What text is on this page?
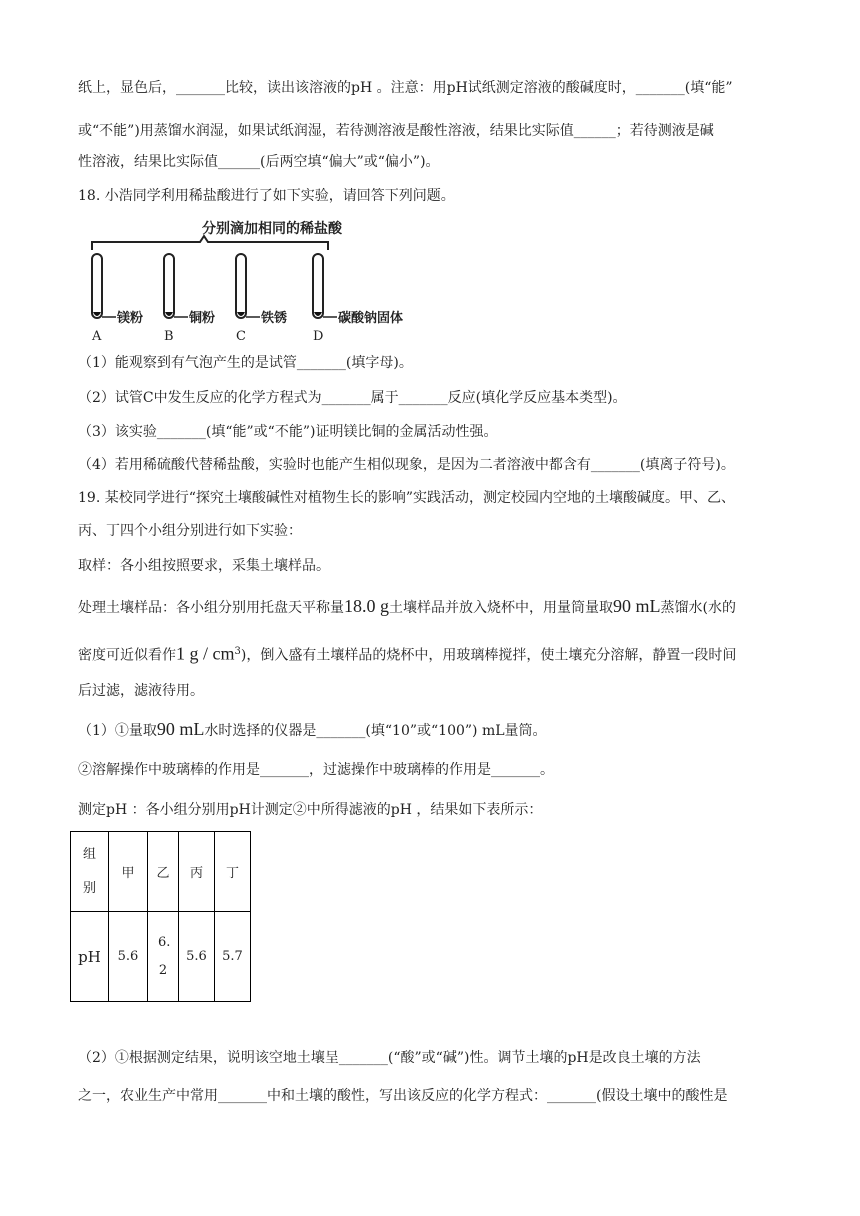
纸上，显色后，_______比较，读出该溶液的pH 。注意：用pH试纸测定溶液的酸碱度时，_______(填“能”
或“不能”)用蒸馏水润湿，如果试纸润湿，若待测溶液是酸性溶液，结果比实际值______；若待测液是碱
性溶液，结果比实际值______(后两空填“偏大”或“偏小”)。
18. 小浩同学利用稀盐酸进行了如下实验，请回答下列问题。
分别滴加相同的稀盐酸
镁粉
A
铜粉
B
铁锈
C
碳酸钠固体
D
（1）能观察到有气泡产生的是试管_______(填字母)。
（2）试管C中发生反应的化学方程式为_______属于_______反应(填化学反应基本类型)。
（3）该实验_______(填“能”或“不能”)证明镁比铜的金属活动性强。
（4）若用稀硫酸代替稀盐酸，实验时也能产生相似现象，是因为二者溶液中都含有_______(填离子符号)。
19. 某校同学进行“探究土壤酸碱性对植物生长的影响”实践活动，测定校园内空地的土壤酸碱度。甲、乙、
丙、丁四个小组分别进行如下实验：
取样：各小组按照要求，采集土壤样品。
处理土壤样品：各小组分别用托盘天平称量18.0 g土壤样品并放入烧杯中，用量筒量取90 mL蒸馏水(水的
密度可近似看作1 g / $cm^3$)，倒入盛有土壤样品的烧杯中，用玻璃棒搅拌，使土壤充分溶解，静置一段时间
后过滤，滤液待用。
（1）①量取90 mL水时选择的仪器是_______(填“10”或“100”) mL量筒。
②溶解操作中玻璃棒的作用是_______，过滤操作中玻璃棒的作用是_______。
测定pH ：各小组分别用pH计测定②中所得滤液的pH ，结果如下表所示：
组别	甲	乙	丙	丁
pH	5.6	6.2	5.6	5.7
（2）①根据测定结果，说明该空地土壤呈_______(“酸”或“碱”)性。调节土壤的pH是改良土壤的方法
之一，农业生产中常用_______中和土壤的酸性，写出该反应的化学方程式：_______(假设土壤中的酸性是
